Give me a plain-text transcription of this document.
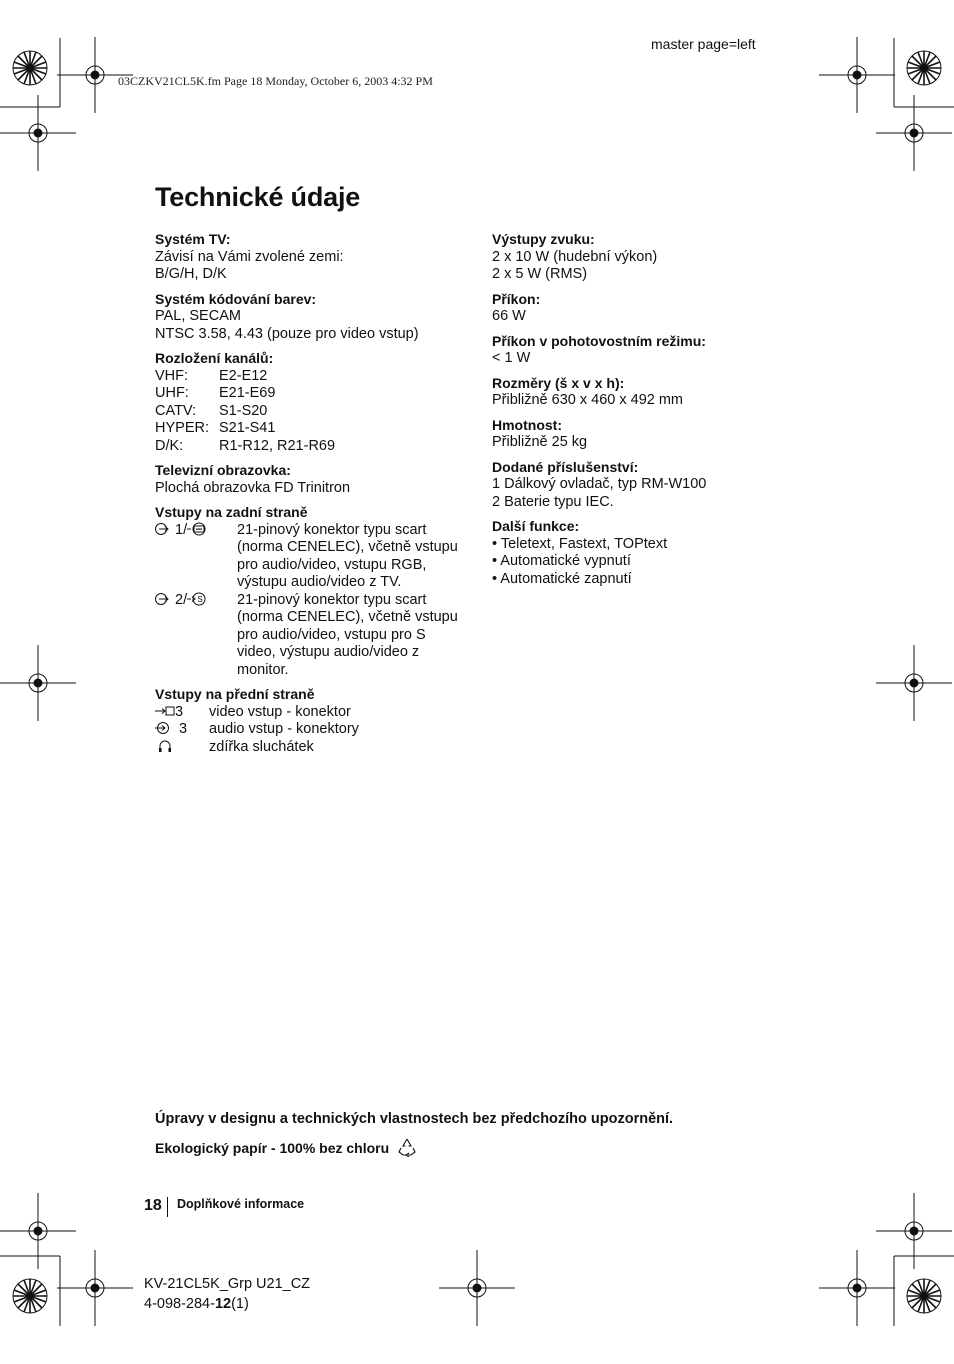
03CZKV21CL5K.fm Page 18 Monday, October 6, 2003 4:32 PM
master page=left
Technické údaje
Systém TV:
Závisí na Vámi zvolené zemi:
B/G/H, D/K
Systém kódování barev:
PAL, SECAM
NTSC 3.58, 4.43 (pouze pro video vstup)
Rozložení kanálů:
VHF:	E2-E12
UHF:	E21-E69
CATV:	S1-S20
HYPER: S21-S41
D/K:	R1-R12, R21-R69
Televizní obrazovka:
Plochá obrazovka FD Trinitron
Vstupy na zadní straně
1/ ••• 21-pinový konektor typu scart (norma CENELEC), včetně vstupu pro audio/video, vstupu RGB, výstupu audio/video z TV.
2/ S 21-pinový konektor typu scart (norma CENELEC), včetně vstupu pro audio/video, vstupu pro S video, výstupu audio/video z monitor.
Vstupy na přední straně
3	video vstup - konektor
3	audio vstup - konektory
zdířka sluchátek
Výstupy zvuku:
2 x 10 W (hudební výkon)
2 x 5 W (RMS)
Příkon:
66 W
Příkon v pohotovostním režimu:
< 1 W
Rozměry (š x v x h):
Přibližně 630 x 460 x 492 mm
Hmotnost:
Přibližně 25 kg
Dodané příslušenství:
1 Dálkový ovladač, typ RM-W100
2 Baterie typu IEC.
Další funkce:
• Teletext, Fastext, TOPtext
• Automatické vypnutí
• Automatické zapnutí
Úpravy v designu a technických vlastnostech bez předchozího upozornění.
Ekologický papír - 100% bez chloru
18 Doplňkové informace
KV-21CL5K_Grp U21_CZ
4-098-284-12(1)
